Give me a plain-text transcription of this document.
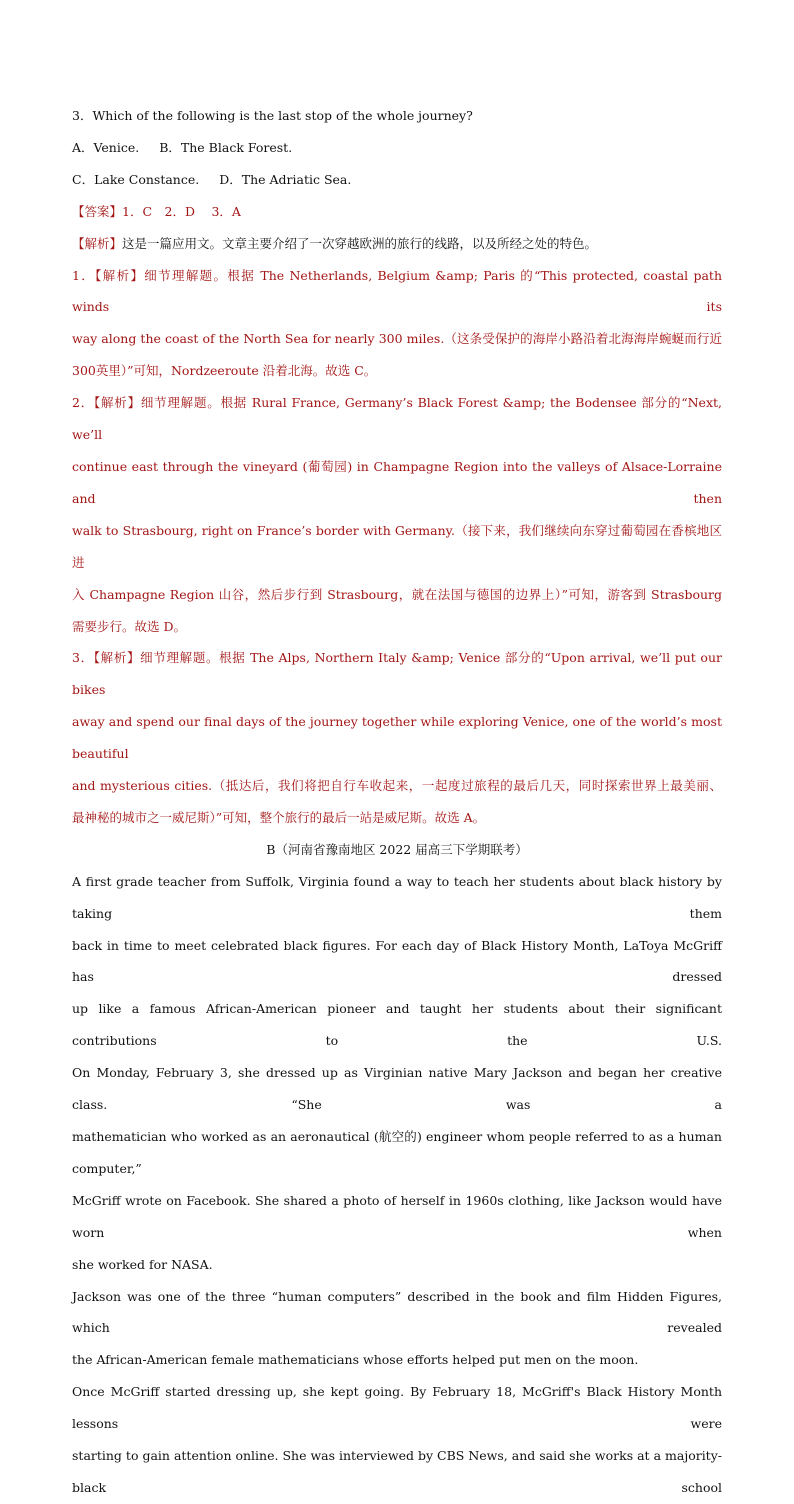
3．Which of the following is the last stop of the whole journey?
A．Venice. B．The Black Forest.
C．Lake Constance. D．The Adriatic Sea.
【答案】1．C　2．D　 3．A
【解析】这是一篇应用文。文章主要介绍了一次穿越欧洲的旅行的线路，以及所经之处的特色。
1．【解析】细节理解题。根据 The Netherlands, Belgium &amp; Paris 的“This protected, coastal path winds its
way along the coast of the North Sea for nearly 300 miles.（这条受保护的海岸小路沿着北海海岸蜿蜒而行近
300英里）”可知，Nordzeeroute 沿着北海。故选 C。
2．【解析】细节理解题。根据 Rural France, Germany’s Black Forest &amp; the Bodensee 部分的“Next, we’ll
continue east through the vineyard (葡萄园) in Champagne Region into the valleys of Alsace-Lorraine and then
walk to Strasbourg, right on France’s border with Germany.（接下来，我们继续向东穿过葡萄园在香槟地区进
入 Champagne Region 山谷，然后步行到 Strasbourg，就在法国与德国的边界上）”可知，游客到 Strasbourg
需要步行。故选 D。
3．【解析】细节理解题。根据 The Alps, Northern Italy &amp; Venice 部分的“Upon arrival, we’ll put our bikes
away and spend our final days of the journey together while exploring Venice, one of the world’s most beautiful
and mysterious cities.（抵达后，我们将把自行车收起来，一起度过旅程的最后几天，同时探索世界上最美丽、
最神秘的城市之一威尼斯）”可知，整个旅行的最后一站是威尼斯。故选 A。
B（河南省豫南地区 2022 届高三下学期联考）
A first grade teacher from Suffolk, Virginia found a way to teach her students about black history by taking them
back in time to meet celebrated black figures. For each day of Black History Month, LaToya McGriff has dressed
up like a famous African-American pioneer and taught her students about their significant contributions to the U.S.
On Monday, February 3, she dressed up as Virginian native Mary Jackson and began her creative class. “She was a
mathematician who worked as an aeronautical (航空的) engineer whom people referred to as a human computer,”
McGriff wrote on Facebook. She shared a photo of herself in 1960s clothing, like Jackson would have worn when
she worked for NASA.
Jackson was one of the three “human computers” described in the book and film Hidden Figures, which revealed
the African-American female mathematicians whose efforts helped put men on the moon.
Once McGriff started dressing up, she kept going. By February 18, McGriff's Black History Month lessons were
starting to gain attention online. She was interviewed by CBS News, and said she works at a majority-black school
